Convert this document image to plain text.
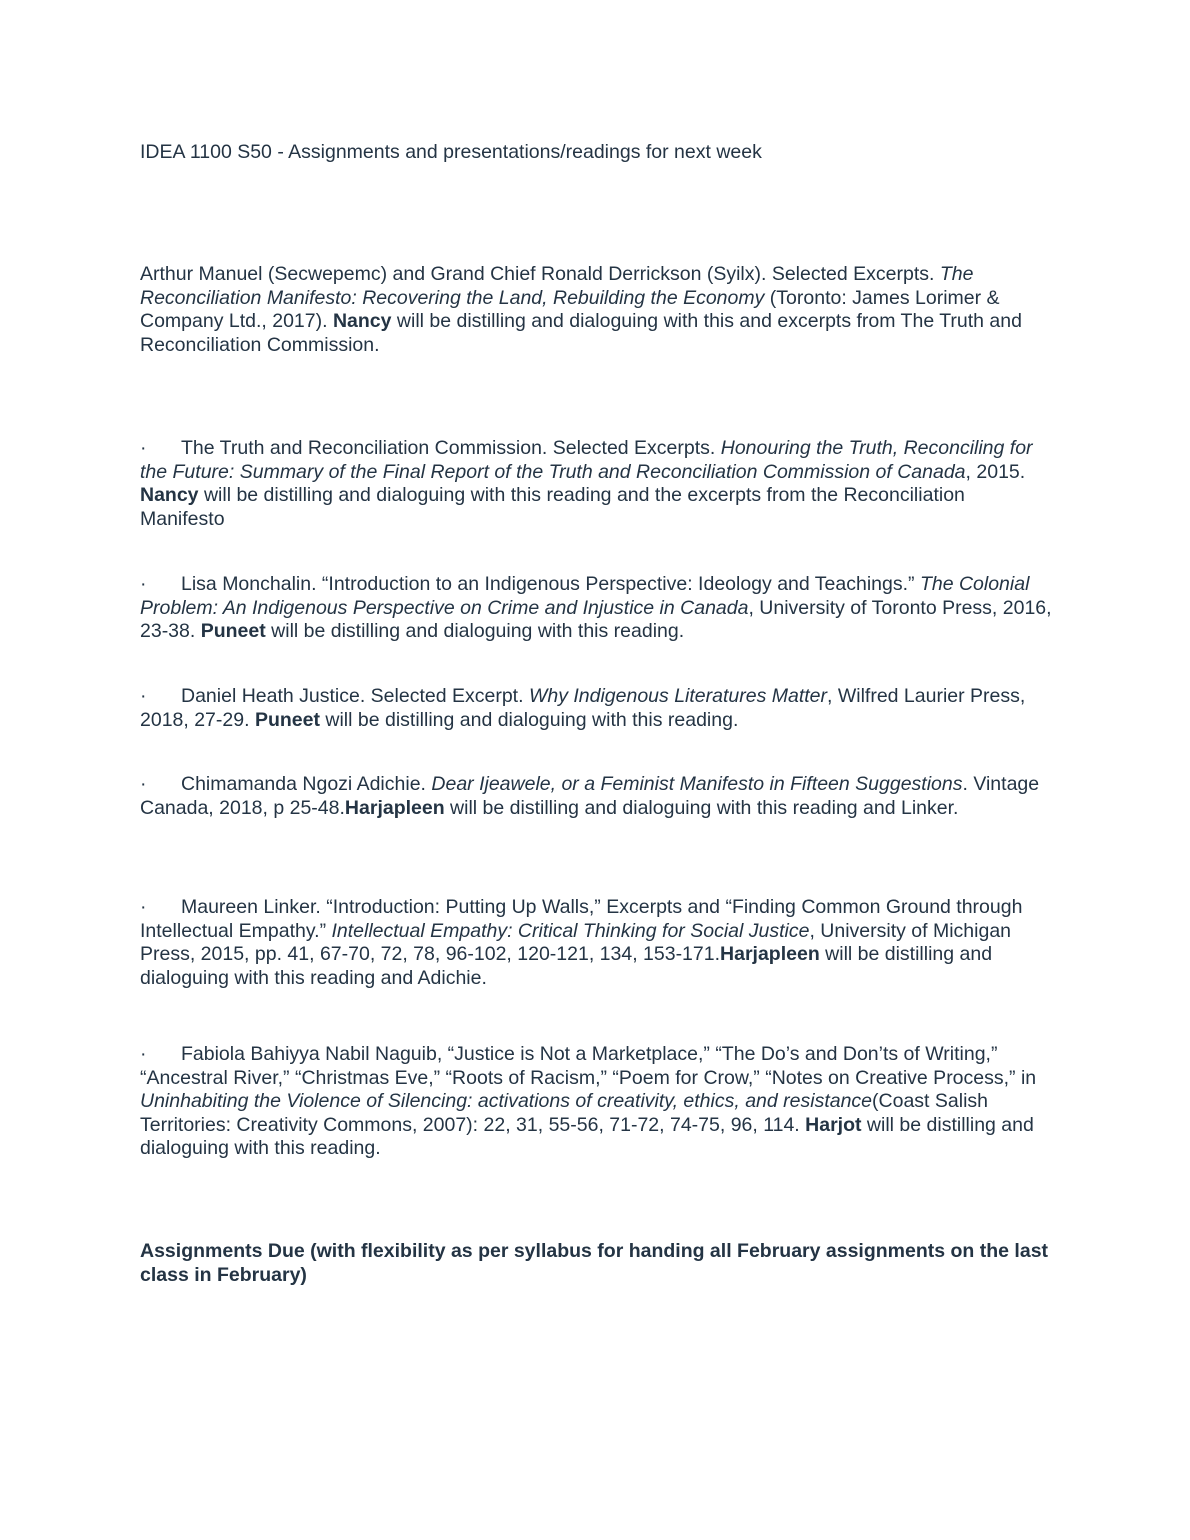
IDEA 1100 S50 - Assignments and presentations/readings for next week
Arthur Manuel (Secwepemc) and Grand Chief Ronald Derrickson (Syilx). Selected Excerpts. The Reconciliation Manifesto: Recovering the Land, Rebuilding the Economy (Toronto: James Lorimer & Company Ltd., 2017). Nancy will be distilling and dialoguing with this and excerpts from The Truth and Reconciliation Commission.
· The Truth and Reconciliation Commission. Selected Excerpts. Honouring the Truth, Reconciling for the Future: Summary of the Final Report of the Truth and Reconciliation Commission of Canada, 2015. Nancy will be distilling and dialoguing with this reading and the excerpts from the Reconciliation Manifesto
· Lisa Monchalin. “Introduction to an Indigenous Perspective: Ideology and Teachings.” The Colonial Problem: An Indigenous Perspective on Crime and Injustice in Canada, University of Toronto Press, 2016, 23-38. Puneet will be distilling and dialoguing with this reading.
· Daniel Heath Justice. Selected Excerpt. Why Indigenous Literatures Matter, Wilfred Laurier Press, 2018, 27-29. Puneet will be distilling and dialoguing with this reading.
· Chimamanda Ngozi Adichie. Dear Ijeawele, or a Feminist Manifesto in Fifteen Suggestions. Vintage Canada, 2018, p 25-48.Harjapleen will be distilling and dialoguing with this reading and Linker.
· Maureen Linker. “Introduction: Putting Up Walls,” Excerpts and “Finding Common Ground through Intellectual Empathy.” Intellectual Empathy: Critical Thinking for Social Justice, University of Michigan Press, 2015, pp. 41, 67-70, 72, 78, 96-102, 120-121, 134, 153-171.Harjapleen will be distilling and dialoguing with this reading and Adichie.
· Fabiola Bahiyya Nabil Naguib, “Justice is Not a Marketplace,” “The Do’s and Don’ts of Writing,” “Ancestral River,” “Christmas Eve,” “Roots of Racism,” “Poem for Crow,” “Notes on Creative Process,” in Uninhabiting the Violence of Silencing: activations of creativity, ethics, and resistance(Coast Salish Territories: Creativity Commons, 2007): 22, 31, 55-56, 71-72, 74-75, 96, 114. Harjot will be distilling and dialoguing with this reading.
Assignments Due (with flexibility as per syllabus for handing all February assignments on the last class in February)
